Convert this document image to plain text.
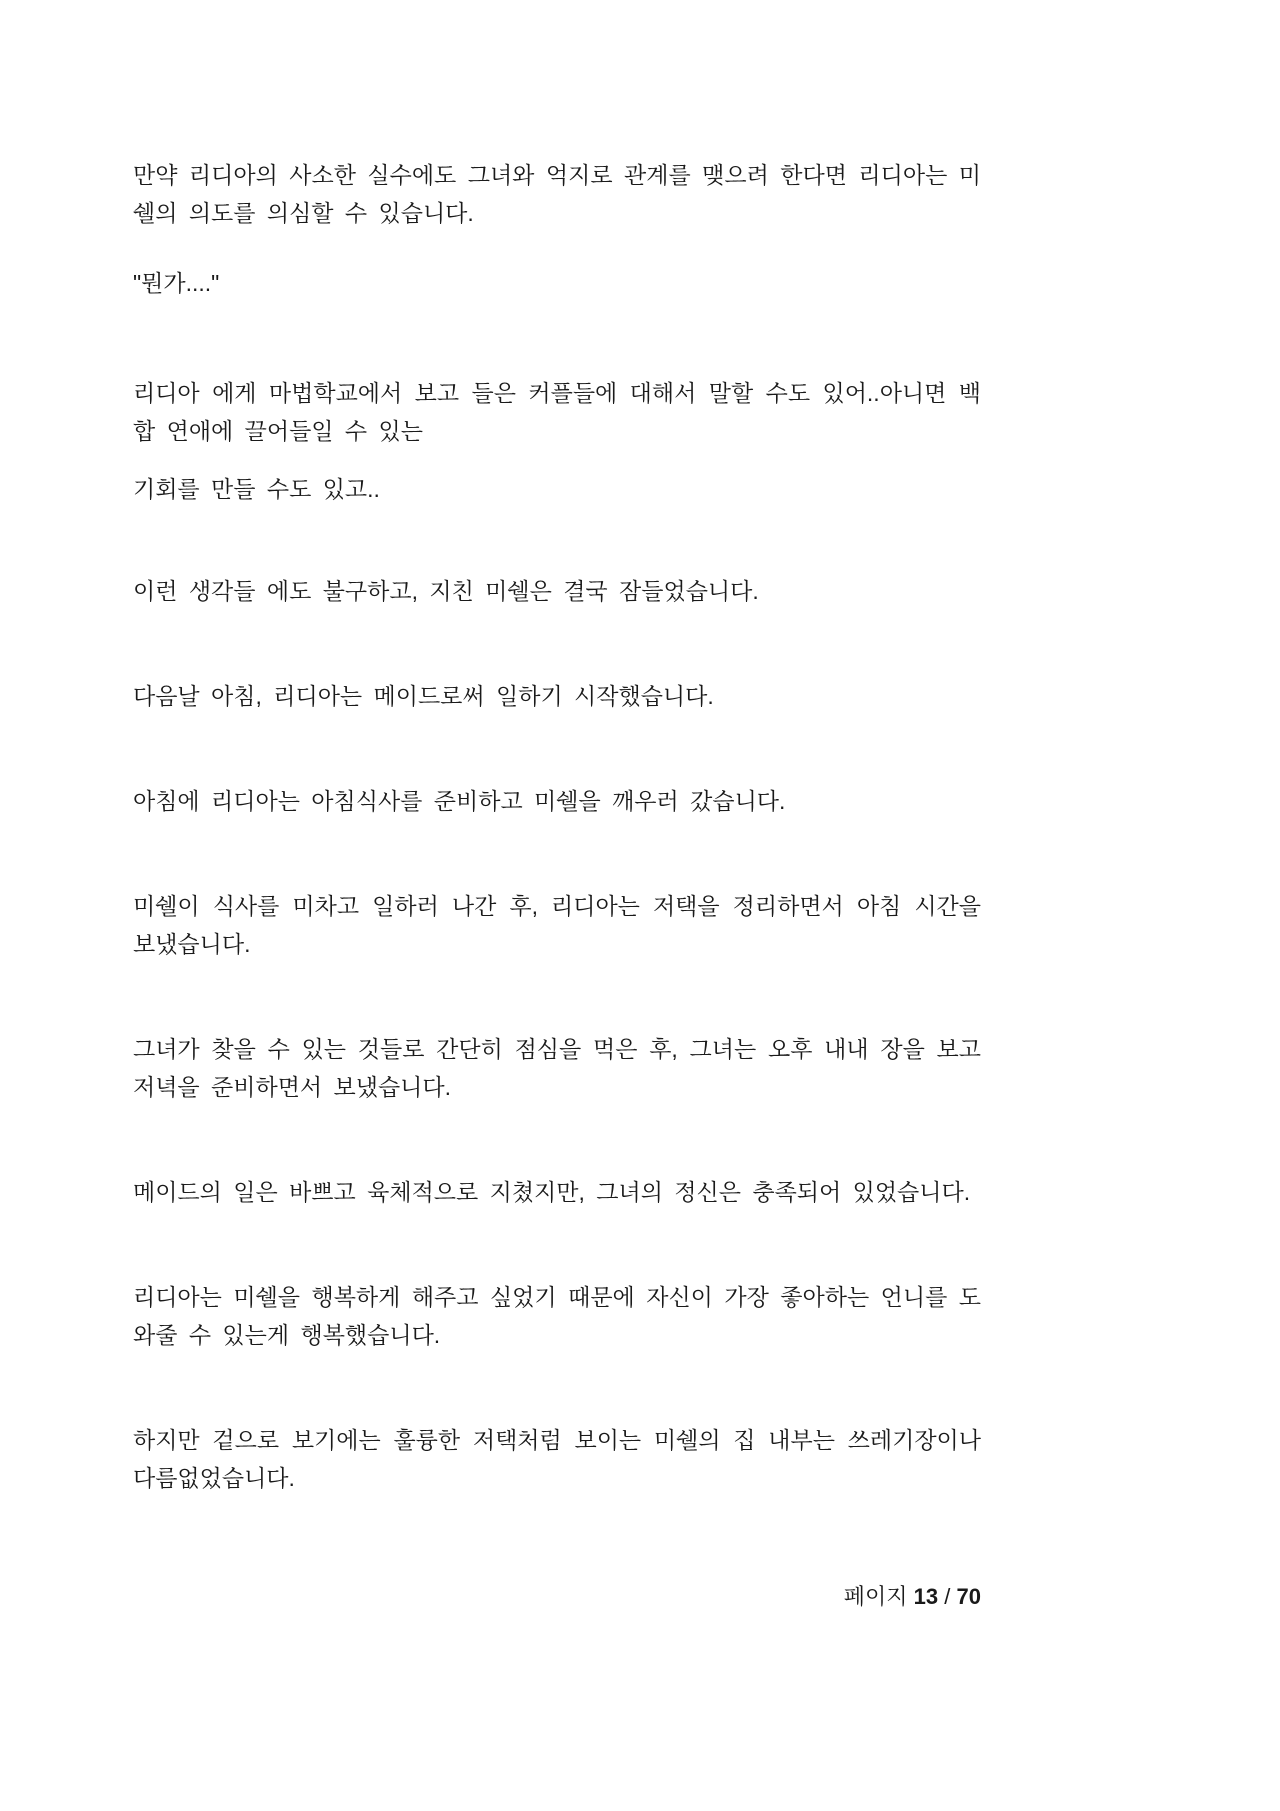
만약 리디아의 사소한 실수에도 그녀와 억지로 관계를 맺으려 한다면 리디아는 미쉘의 의도를 의심할 수 있습니다.

"뭔가...."

리디아 에게 마법학교에서 보고 들은 커플들에 대해서 말할 수도 있어..아니면 백합 연애에 끌어들일 수 있는

기회를 만들 수도 있고..

이런 생각들 에도 불구하고, 지친 미쉘은 결국 잠들었습니다.

다음날 아침, 리디아는 메이드로써 일하기 시작했습니다.

아침에 리디아는 아침식사를 준비하고 미쉘을 깨우러 갔습니다.

미쉘이 식사를 미차고 일하러 나간 후, 리디아는 저택을 정리하면서 아침 시간을 보냈습니다.

그녀가 찾을 수 있는 것들로 간단히 점심을 먹은 후, 그녀는 오후 내내 장을 보고 저녁을 준비하면서 보냈습니다.

메이드의 일은 바쁘고 육체적으로 지쳤지만, 그녀의 정신은 충족되어 있었습니다.

리디아는 미쉘을 행복하게 해주고 싶었기 때문에 자신이 가장 좋아하는 언니를 도와줄 수 있는게 행복했습니다.

하지만 겉으로 보기에는 훌륭한 저택처럼 보이는 미쉘의 집 내부는 쓰레기장이나 다름없었습니다.

페이지 13 / 70
